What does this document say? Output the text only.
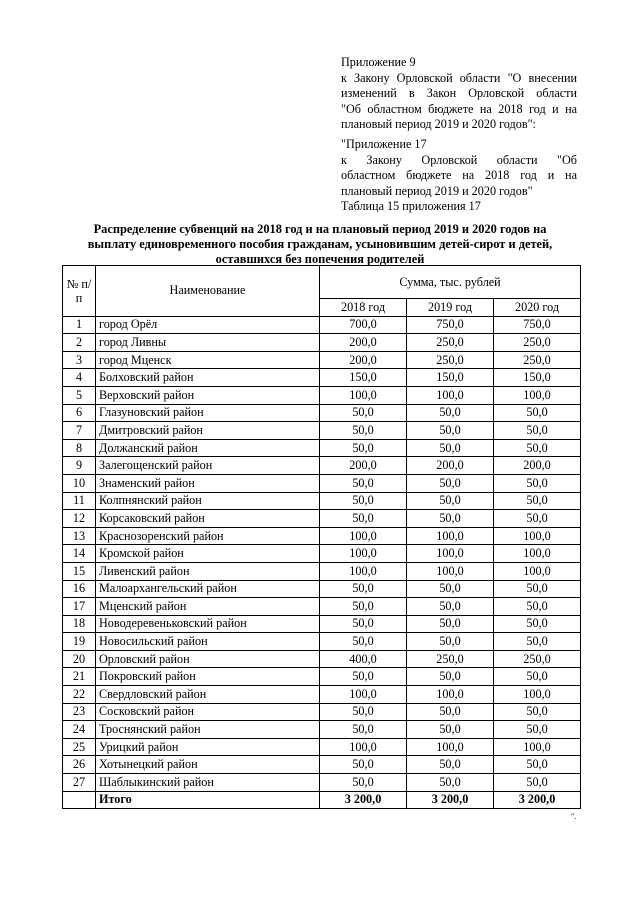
Приложение 9
к Закону Орловской области "О внесении
изменений в Закон Орловской области
"Об областном бюджете на 2018 год и на
плановый период 2019 и 2020 годов":
"Приложение 17
к Закону Орловской области "Об
областном бюджете на 2018 год и на
плановый период 2019 и 2020 годов"
Таблица 15 приложения 17
Распределение субвенций на 2018 год и на плановый период 2019 и 2020 годов на
выплату единовременного пособия гражданам, усыновившим детей-сирот и детей,
оставшихся без попечения родителей
№ п/п	Наименование	Сумма, тыс. рублей		
		2018 год	2019 год	2020 год
1	город Орёл	700,0	750,0	750,0
2	город Ливны	200,0	250,0	250,0
3	город Мценск	200,0	250,0	250,0
4	Болховский район	150,0	150,0	150,0
5	Верховский район	100,0	100,0	100,0
6	Глазуновский район	50,0	50,0	50,0
7	Дмитровский район	50,0	50,0	50,0
8	Должанский район	50,0	50,0	50,0
9	Залегощенский район	200,0	200,0	200,0
10	Знаменский район	50,0	50,0	50,0
11	Колпнянский район	50,0	50,0	50,0
12	Корсаковский район	50,0	50,0	50,0
13	Краснозоренский район	100,0	100,0	100,0
14	Кромской район	100,0	100,0	100,0
15	Ливенский район	100,0	100,0	100,0
16	Малоархангельский район	50,0	50,0	50,0
17	Мценский район	50,0	50,0	50,0
18	Новодеревеньковский район	50,0	50,0	50,0
19	Новосильский район	50,0	50,0	50,0
20	Орловский район	400,0	250,0	250,0
21	Покровский район	50,0	50,0	50,0
22	Свердловский район	100,0	100,0	100,0
23	Сосковский район	50,0	50,0	50,0
24	Троснянский район	50,0	50,0	50,0
25	Урицкий район	100,0	100,0	100,0
26	Хотынецкий район	50,0	50,0	50,0
27	Шаблыкинский район	50,0	50,0	50,0
	Итого	3 200,0	3 200,0	3 200,0
".
